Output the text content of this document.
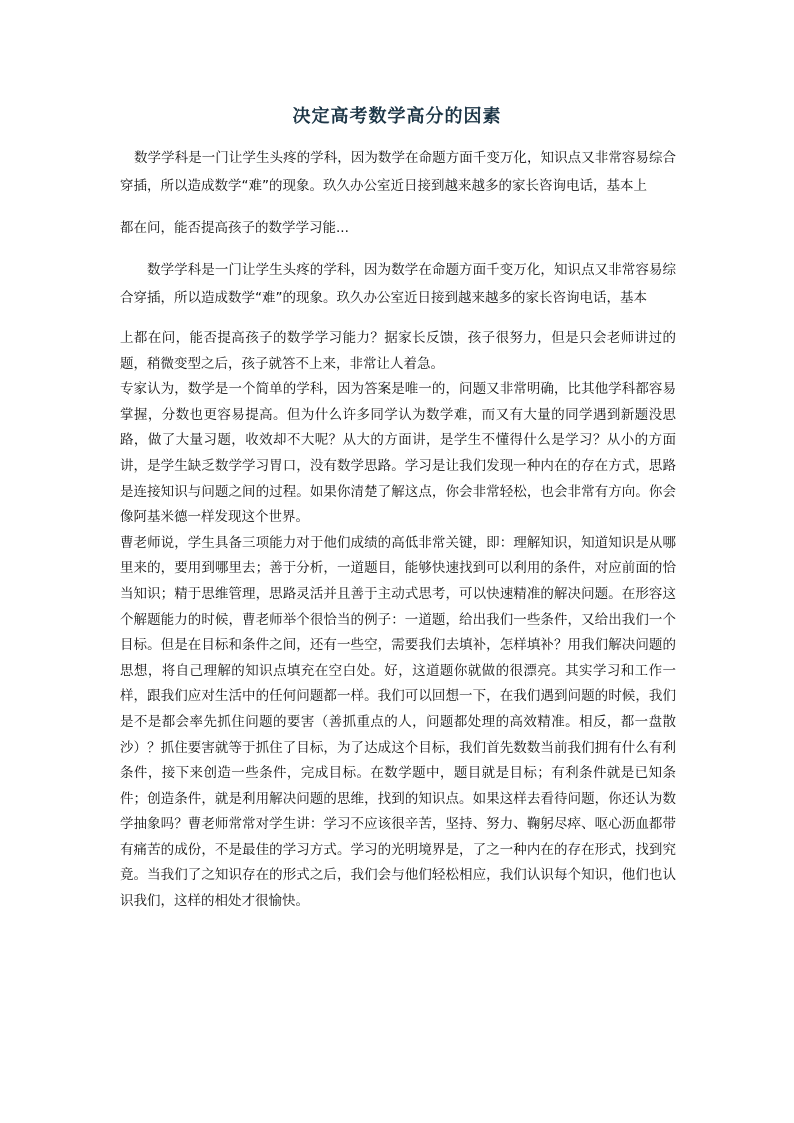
决定高考数学高分的因素

数学学科是一门让学生头疼的学科，因为数学在命题方面千变万化，知识点又非常容易综合穿插，所以造成数学“难”的现象。玖久办公室近日接到越来越多的家长咨询电话，基本上

都在问，能否提高孩子的数学学习能...

数学学科是一门让学生头疼的学科，因为数学在命题方面千变万化，知识点又非常容易综合穿插，所以造成数学“难”的现象。玖久办公室近日接到越来越多的家长咨询电话，基本

上都在问，能否提高孩子的数学学习能力？据家长反馈，孩子很努力，但是只会老师讲过的题，稍微变型之后，孩子就答不上来，非常让人着急。

专家认为，数学是一个简单的学科，因为答案是唯一的，问题又非常明确，比其他学科都容易掌握，分数也更容易提高。但为什么许多同学认为数学难，而又有大量的同学遇到新题没思路，做了大量习题，收效却不大呢？从大的方面讲，是学生不懂得什么是学习？从小的方面讲，是学生缺乏数学学习胃口，没有数学思路。学习是让我们发现一种内在的存在方式，思路是连接知识与问题之间的过程。如果你清楚了解这点，你会非常轻松，也会非常有方向。你会像阿基米德一样发现这个世界。

曹老师说，学生具备三项能力对于他们成绩的高低非常关键，即：理解知识，知道知识是从哪里来的，要用到哪里去；善于分析，一道题目，能够快速找到可以利用的条件，对应前面的恰当知识；精于思维管理，思路灵活并且善于主动式思考，可以快速精准的解决问题。在形容这个解题能力的时候，曹老师举个很恰当的例子：一道题，给出我们一些条件，又给出我们一个目标。但是在目标和条件之间，还有一些空，需要我们去填补，怎样填补？用我们解决问题的思想，将自己理解的知识点填充在空白处。好，这道题你就做的很漂亮。其实学习和工作一样，跟我们应对生活中的任何问题都一样。我们可以回想一下，在我们遇到问题的时候，我们是不是都会率先抓住问题的要害（善抓重点的人，问题都处理的高效精准。相反，都一盘散沙）？抓住要害就等于抓住了目标，为了达成这个目标，我们首先数数当前我们拥有什么有利条件，接下来创造一些条件，完成目标。在数学题中，题目就是目标；有利条件就是已知条件；创造条件，就是利用解决问题的思维，找到的知识点。如果这样去看待问题，你还认为数学抽象吗？曹老师常常对学生讲：学习不应该很辛苦，坚持、努力、鞠躬尽瘁、呕心沥血都带有痛苦的成份，不是最佳的学习方式。学习的光明境界是，了之一种内在的存在形式，找到究竟。当我们了之知识存在的形式之后，我们会与他们轻松相应，我们认识每个知识，他们也认识我们，这样的相处才很愉快。
